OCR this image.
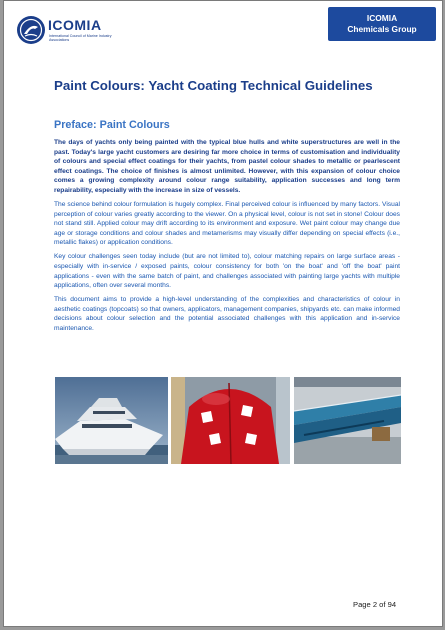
ICOMIA
International Council of Marine Industry Associations
ICOMIA
Chemicals Group
Paint Colours: Yacht Coating Technical Guidelines
Preface: Paint Colours

The days of yachts only being painted with the typical blue hulls and white superstructures are well in the past. Today's large yacht customers are desiring far more choice in terms of customisation and individuality of colours and special effect coatings for their yachts, from pastel colour shades to metallic or pearlescent effect coatings. The choice of finishes is almost unlimited. However, with this expansion of colour choice comes a growing complexity around colour range suitability, application successes and long term repairability, especially with the increase in size of vessels.

The science behind colour formulation is hugely complex. Final perceived colour is influenced by many factors. Visual perception of colour varies greatly according to the viewer. On a physical level, colour is not set in stone! Colour does not stand still. Applied colour may drift according to its environment and exposure. Wet paint colour may change due age or storage conditions and colour shades and metamerisms may visually differ depending on special effects (i.e., metallic flakes) or application conditions.

Key colour challenges seen today include (but are not limited to), colour matching repairs on large surface areas - especially with in-service / exposed paints, colour consistency for both 'on the boat' and 'off the boat' paint applications - even with the same batch of paint, and challenges associated with painting large yachts with multiple applications, often over several months.

This document aims to provide a high-level understanding of the complexities and characteristics of colour in aesthetic coatings (topcoats) so that owners, applicators, management companies, shipyards etc. can make informed decisions about colour selection and the potential associated challenges with this application and in-service maintenance.

Page 2 of 94
